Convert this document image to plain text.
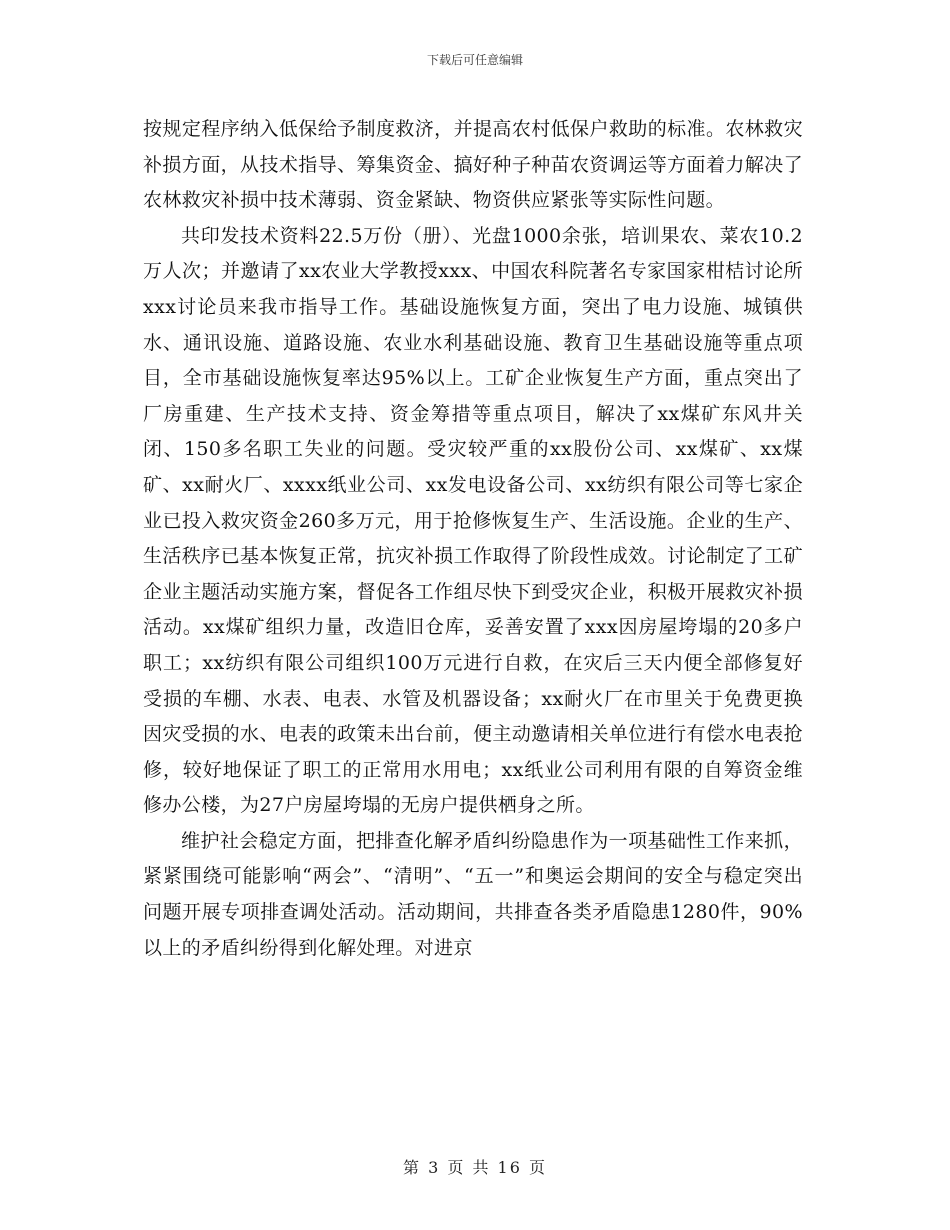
下载后可任意编辑

按规定程序纳入低保给予制度救济，并提高农村低保户救助的标准。农林救灾补损方面，从技术指导、筹集资金、搞好种子种苗农资调运等方面着力解决了农林救灾补损中技术薄弱、资金紧缺、物资供应紧张等实际性问题。

共印发技术资料22.5万份（册）、光盘1000余张，培训果农、菜农10.2万人次；并邀请了xx农业大学教授xxx、中国农科院著名专家国家柑桔讨论所xxx讨论员来我市指导工作。基础设施恢复方面，突出了电力设施、城镇供水、通讯设施、道路设施、农业水利基础设施、教育卫生基础设施等重点项目，全市基础设施恢复率达95%以上。工矿企业恢复生产方面，重点突出了厂房重建、生产技术支持、资金筹措等重点项目，解决了xx煤矿东风井关闭、150多名职工失业的问题。受灾较严重的xx股份公司、xx煤矿、xx煤矿、xx耐火厂、xxxx纸业公司、xx发电设备公司、xx纺织有限公司等七家企业已投入救灾资金260多万元，用于抢修恢复生产、生活设施。企业的生产、生活秩序已基本恢复正常，抗灾补损工作取得了阶段性成效。讨论制定了工矿企业主题活动实施方案，督促各工作组尽快下到受灾企业，积极开展救灾补损活动。xx煤矿组织力量，改造旧仓库，妥善安置了xxx因房屋垮塌的20多户职工；xx纺织有限公司组织100万元进行自救，在灾后三天内便全部修复好受损的车棚、水表、电表、水管及机器设备；xx耐火厂在市里关于免费更换因灾受损的水、电表的政策未出台前，便主动邀请相关单位进行有偿水电表抢修，较好地保证了职工的正常用水用电；xx纸业公司利用有限的自筹资金维修办公楼，为27户房屋垮塌的无房户提供栖身之所。

维护社会稳定方面，把排查化解矛盾纠纷隐患作为一项基础性工作来抓，紧紧围绕可能影响“两会”、“清明”、“五一”和奥运会期间的安全与稳定突出问题开展专项排查调处活动。活动期间，共排查各类矛盾隐患1280件，90%以上的矛盾纠纷得到化解处理。对进京

第 3 页 共 16 页
